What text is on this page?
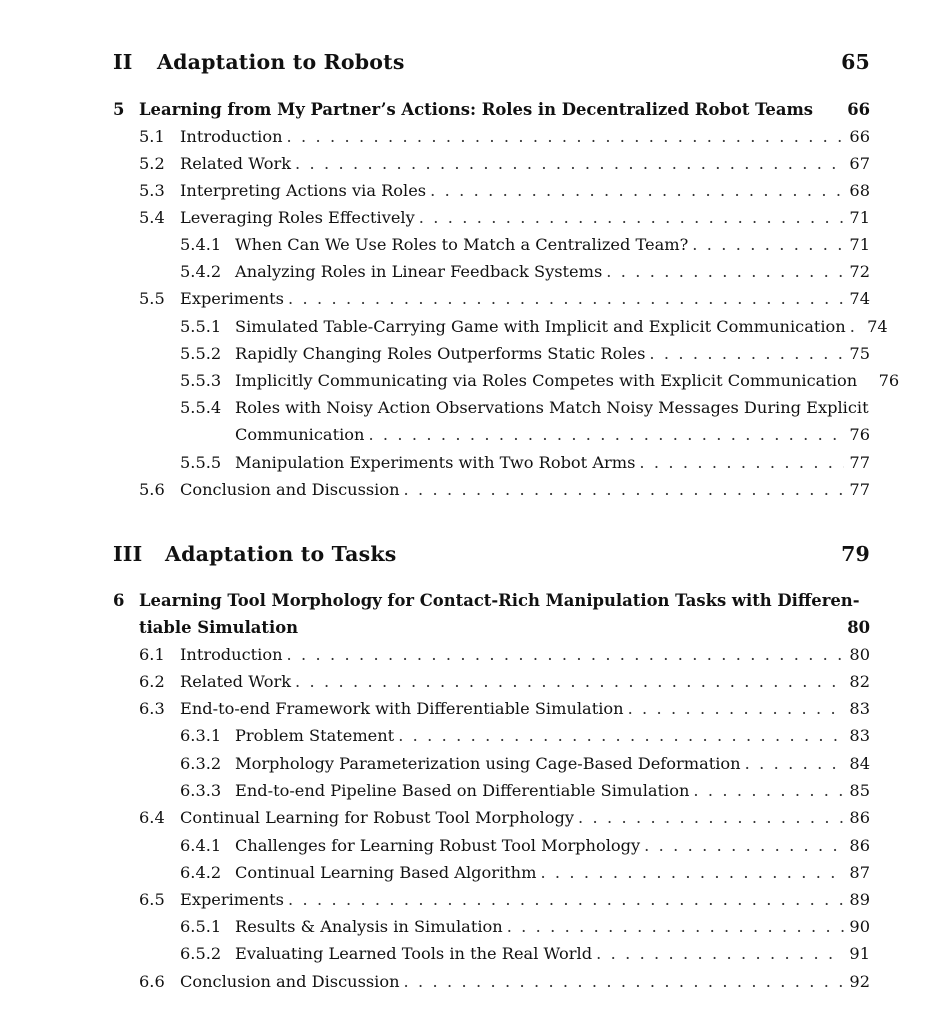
II	Adaptation to Robots	65
5 Learning from My Partner’s Actions: Roles in Decentralized Robot Teams	66
5.1 Introduction . . .	66
5.2 Related Work . . .	67
5.3 Interpreting Actions via Roles . . .	68
5.4 Leveraging Roles Effectively . . .	71
5.4.1 When Can We Use Roles to Match a Centralized Team? . . .	71
5.4.2 Analyzing Roles in Linear Feedback Systems . . .	72
5.5 Experiments . . .	74
5.5.1 Simulated Table-Carrying Game with Implicit and Explicit Communication . . .	74
5.5.2 Rapidly Changing Roles Outperforms Static Roles . . .	75
5.5.3 Implicitly Communicating via Roles Competes with Explicit Communication	76
5.5.4 Roles with Noisy Action Observations Match Noisy Messages During Explicit
Communication . . .	76
5.5.5 Manipulation Experiments with Two Robot Arms . . .	77
5.6 Conclusion and Discussion . . .	77
III	Adaptation to Tasks	79
6 Learning Tool Morphology for Contact-Rich Manipulation Tasks with Differen-
tiable Simulation	80
6.1 Introduction . . .	80
6.2 Related Work . . .	82
6.3 End-to-end Framework with Differentiable Simulation . . .	83
6.3.1 Problem Statement . . .	83
6.3.2 Morphology Parameterization using Cage-Based Deformation . . .	84
6.3.3 End-to-end Pipeline Based on Differentiable Simulation . . .	85
6.4 Continual Learning for Robust Tool Morphology . . .	86
6.4.1 Challenges for Learning Robust Tool Morphology . . .	86
6.4.2 Continual Learning Based Algorithm . . .	87
6.5 Experiments . . .	89
6.5.1 Results & Analysis in Simulation . . .	90
6.5.2 Evaluating Learned Tools in the Real World . . .	91
6.6 Conclusion and Discussion . . .	92
